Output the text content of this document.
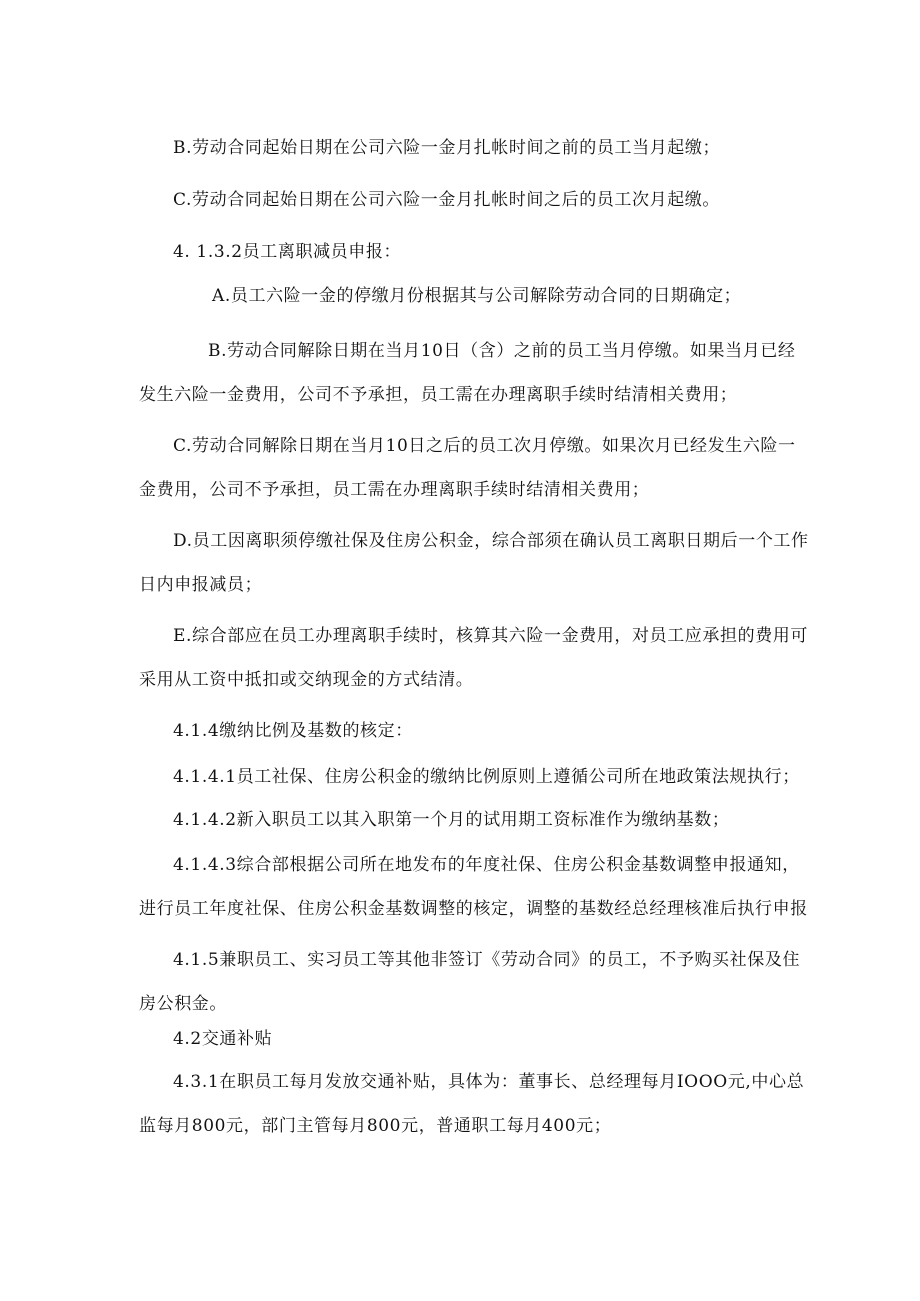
B.劳动合同起始日期在公司六险一金月扎帐时间之前的员工当月起缴；
C.劳动合同起始日期在公司六险一金月扎帐时间之后的员工次月起缴。
4. 1.3.2员工离职减员申报：
A.员工六险一金的停缴月份根据其与公司解除劳动合同的日期确定；
B.劳动合同解除日期在当月10日（含）之前的员工当月停缴。如果当月已经
发生六险一金费用，公司不予承担，员工需在办理离职手续时结清相关费用；
C.劳动合同解除日期在当月10日之后的员工次月停缴。如果次月已经发生六险一
金费用，公司不予承担，员工需在办理离职手续时结清相关费用；
D.员工因离职须停缴社保及住房公积金，综合部须在确认员工离职日期后一个工作
日内申报减员；
E.综合部应在员工办理离职手续时，核算其六险一金费用，对员工应承担的费用可
采用从工资中抵扣或交纳现金的方式结清。
4.1.4缴纳比例及基数的核定：
4.1.4.1员工社保、住房公积金的缴纳比例原则上遵循公司所在地政策法规执行；
4.1.4.2新入职员工以其入职第一个月的试用期工资标准作为缴纳基数；
4.1.4.3综合部根据公司所在地发布的年度社保、住房公积金基数调整申报通知，
进行员工年度社保、住房公积金基数调整的核定，调整的基数经总经理核准后执行申报
4.1.5兼职员工、实习员工等其他非签订《劳动合同》的员工，不予购买社保及住
房公积金。
4.2交通补贴
4.3.1在职员工每月发放交通补贴，具体为：董事长、总经理每月IOOO元,中心总
监每月800元，部门主管每月800元，普通职工每月400元；
